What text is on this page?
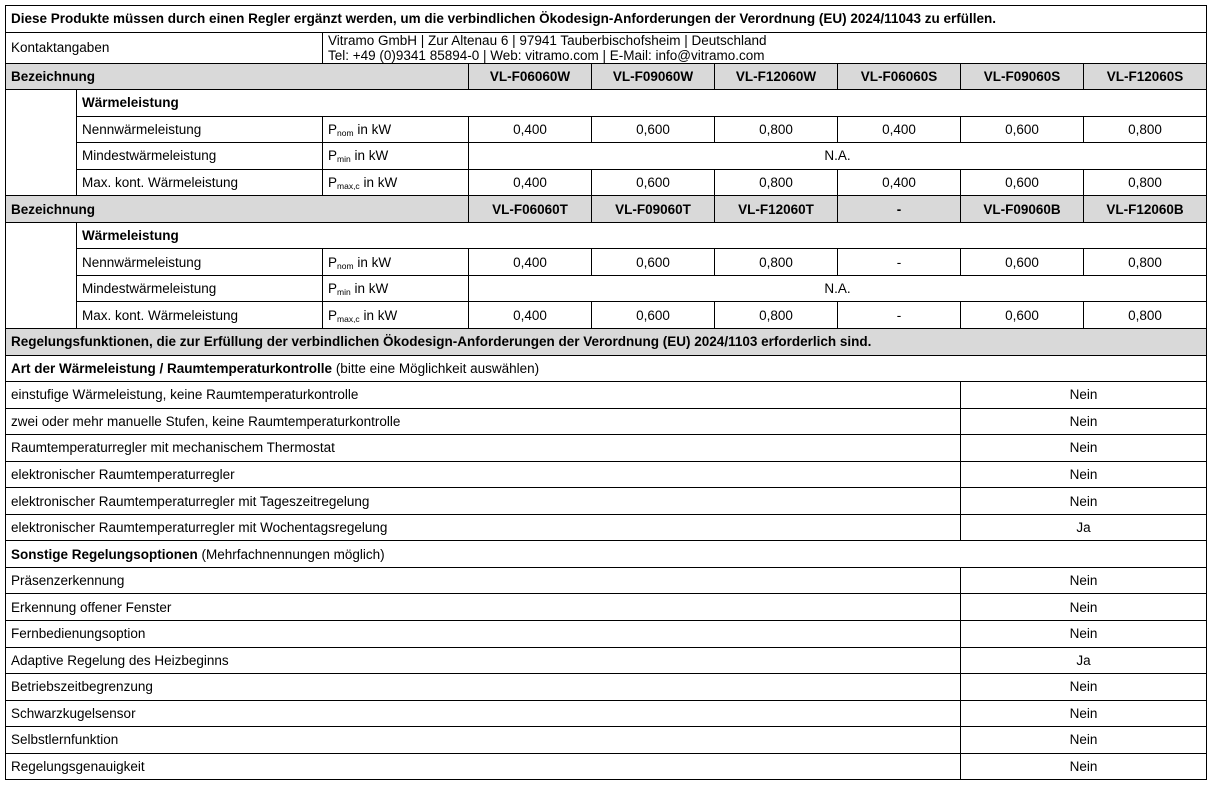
Diese Produkte müssen durch einen Regler ergänzt werden, um die verbindlichen Ökodesign-Anforderungen der Verordnung (EU) 2024/11043 zu erfüllen.								
Kontaktangaben		Vitramo GmbH | Zur Altenau 6 | 97941 Tauberbischofsheim | Deutschland
Tel: +49 (0)9341 85894-0 | Web: vitramo.com | E-Mail: info@vitramo.com						

Bezeichnung			VL-F06060W	VL-F09060W	VL-F12060W	VL-F06060S	VL-F09060S	VL-F12060S
	Wärmeleistung							
	Nennwärmeleistung	$P_{nom}$ in kW	0,400	0,600	0,800	0,400	0,600	0,800
	Mindestwärmeleistung	$P_{min}$ in kW	N.A.					
	Max. kont. Wärmeleistung	$P_{max,c}$ in kW	0,400	0,600	0,800	0,400	0,600	0,800
Bezeichnung			VL-F06060T	VL-F09060T	VL-F12060T	-	VL-F09060B	VL-F12060B
	Wärmeleistung							
	Nennwärmeleistung	$P_{nom}$ in kW	0,400	0,600	0,800	-	0,600	0,800
	Mindestwärmeleistung	$P_{min}$ in kW	N.A.					
	Max. kont. Wärmeleistung	$P_{max,c}$ in kW	0,400	0,600	0,800	-	0,600	0,800
Regelungsfunktionen, die zur Erfüllung der verbindlichen Ökodesign-Anforderungen der Verordnung (EU) 2024/1103 erforderlich sind.								
Art der Wärmeleistung / Raumtemperaturkontrolle (bitte eine Möglichkeit auswählen)								
einstufige Wärmeleistung, keine Raumtemperaturkontrolle							Nein	
zwei oder mehr manuelle Stufen, keine Raumtemperaturkontrolle							Nein	
Raumtemperaturregler mit mechanischem Thermostat							Nein	
elektronischer Raumtemperaturregler							Nein	
elektronischer Raumtemperaturregler mit Tageszeitregelung							Nein	
elektronischer Raumtemperaturregler mit Wochentagsregelung							Ja	
Sonstige Regelungsoptionen (Mehrfachnennungen möglich)								
Präsenzerkennung							Nein	
Erkennung offener Fenster							Nein	
Fernbedienungsoption							Nein	
Adaptive Regelung des Heizbeginns							Ja	
Betriebszeitbegrenzung							Nein	
Schwarzkugelsensor							Nein	
Selbstlernfunktion							Nein	
Regelungsgenauigkeit							Nein	
